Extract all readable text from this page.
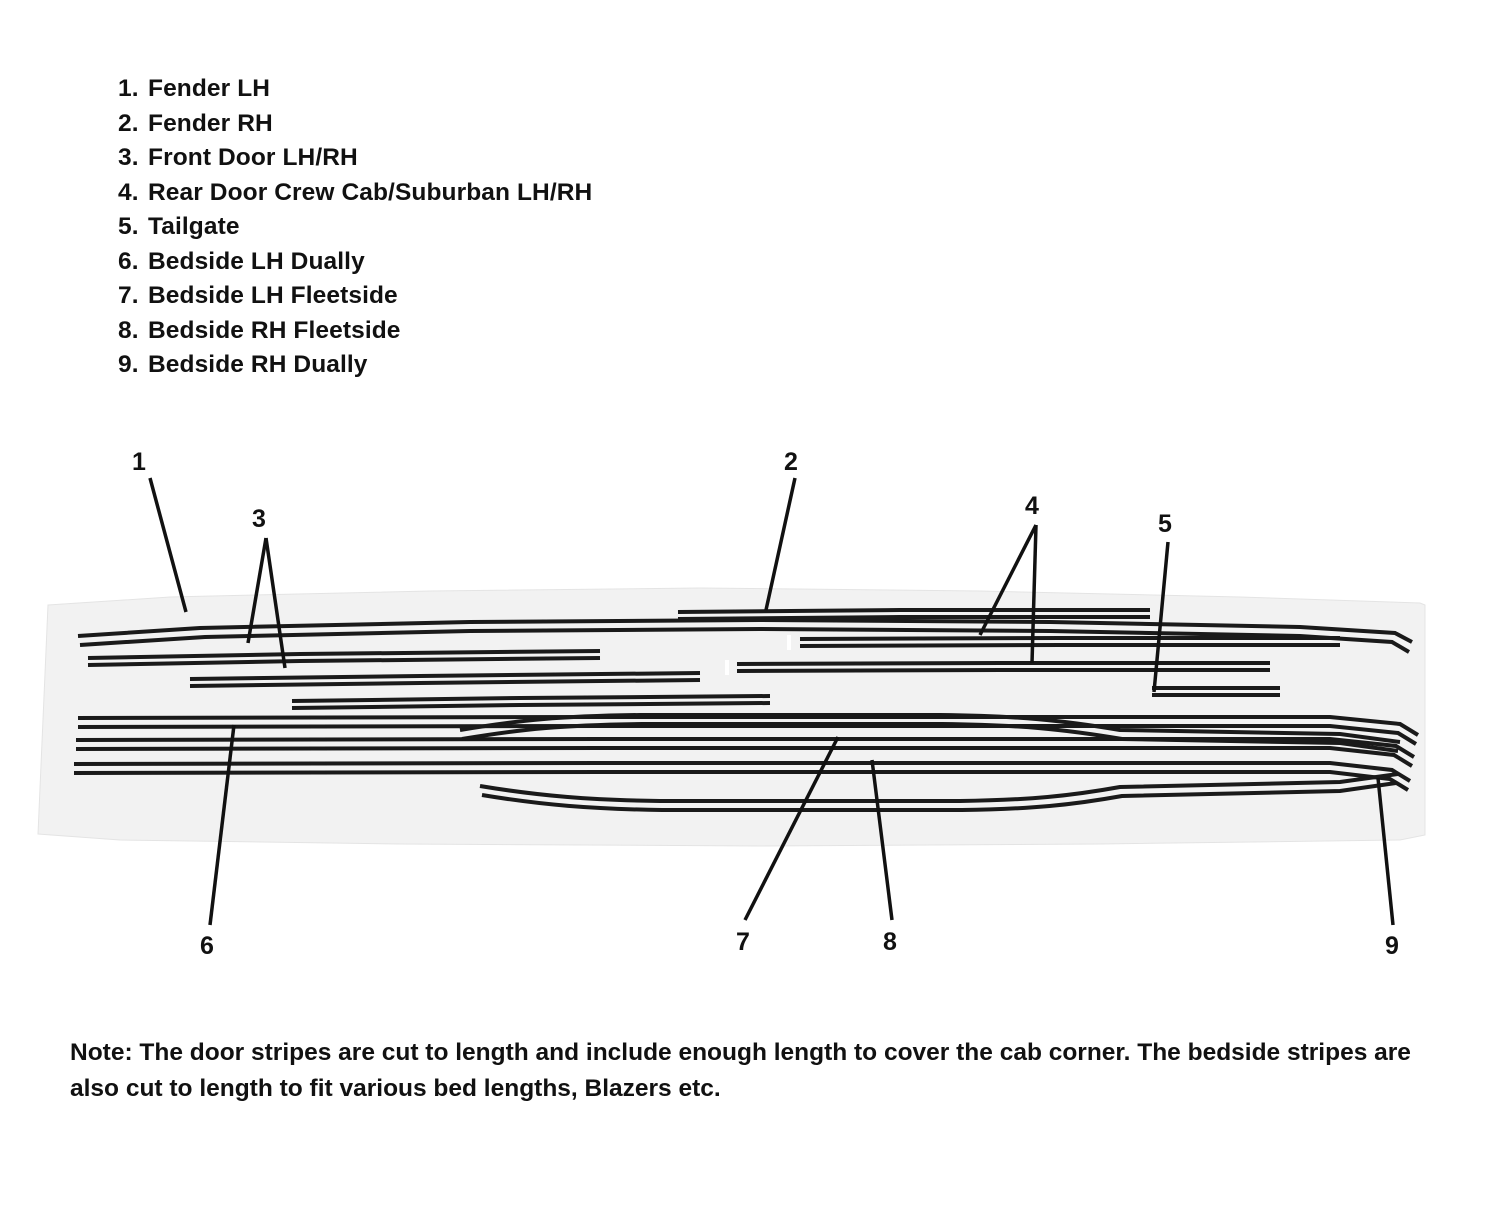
1. Fender LH
2. Fender RH
3. Front Door LH/RH
4. Rear Door Crew Cab/Suburban LH/RH
5. Tailgate
6. Bedside LH Dually
7. Bedside LH Fleetside
8. Bedside RH Fleetside
9. Bedside RH Dually
1	2
3	4
5
6	7	8	9
Note: The door stripes are cut to length and include enough length to cover the cab corner. The bedside stripes are also cut to length to fit various bed lengths, Blazers etc.
